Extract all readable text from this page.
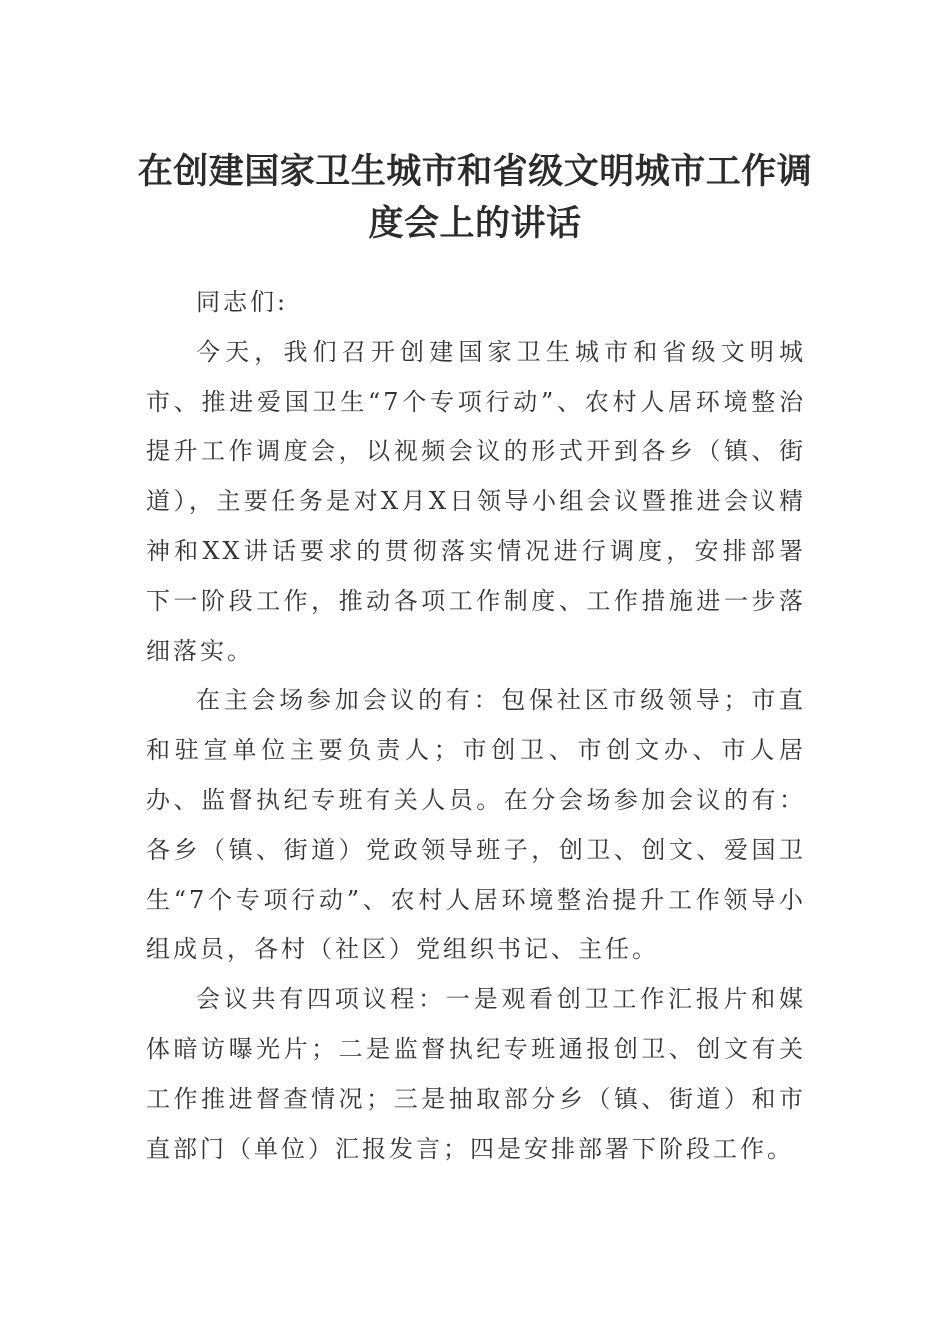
在创建国家卫生城市和省级文明城市工作调
度会上的讲话
同志们:

今天，我们召开创建国家卫生城市和省级文明城市、推进爱国卫生“7个专项行动”、农村人居环境整治提升工作调度会，以视频会议的形式开到各乡（镇、街道），主要任务是对X月X日领导小组会议暨推进会议精神和XX讲话要求的贯彻落实情况进行调度，安排部署下一阶段工作，推动各项工作制度、工作措施进一步落细落实。

在主会场参加会议的有：包保社区市级领导；市直和驻宣单位主要负责人；市创卫、市创文办、市人居办、监督执纪专班有关人员。在分会场参加会议的有：各乡（镇、街道）党政领导班子，创卫、创文、爱国卫生“7个专项行动”、农村人居环境整治提升工作领导小组成员，各村（社区）党组织书记、主任。

会议共有四项议程：一是观看创卫工作汇报片和媒体暗访曝光片；二是监督执纪专班通报创卫、创文有关工作推进督查情况；三是抽取部分乡（镇、街道）和市直部门（单位）汇报发言；四是安排部署下阶段工作。
